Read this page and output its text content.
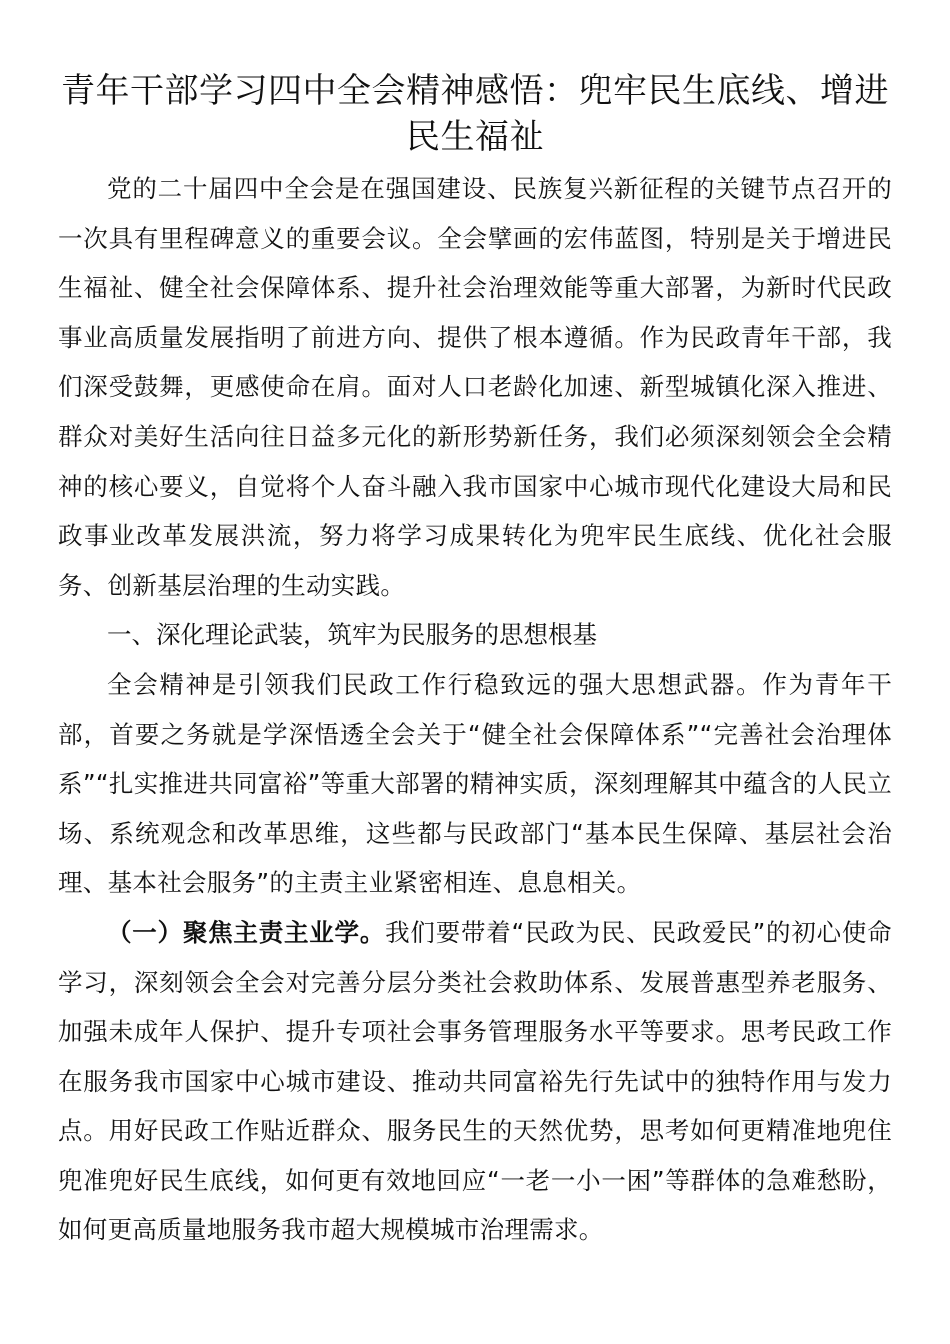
青年干部学习四中全会精神感悟：兜牢民生底线、增进民生福祉

党的二十届四中全会是在强国建设、民族复兴新征程的关键节点召开的一次具有里程碑意义的重要会议。全会擘画的宏伟蓝图，特别是关于增进民生福祉、健全社会保障体系、提升社会治理效能等重大部署，为新时代民政事业高质量发展指明了前进方向、提供了根本遵循。作为民政青年干部，我们深受鼓舞，更感使命在肩。面对人口老龄化加速、新型城镇化深入推进、群众对美好生活向往日益多元化的新形势新任务，我们必须深刻领会全会精神的核心要义，自觉将个人奋斗融入我市国家中心城市现代化建设大局和民政事业改革发展洪流，努力将学习成果转化为兜牢民生底线、优化社会服务、创新基层治理的生动实践。

一、深化理论武装，筑牢为民服务的思想根基

全会精神是引领我们民政工作行稳致远的强大思想武器。作为青年干部，首要之务就是学深悟透全会关于“健全社会保障体系”“完善社会治理体系”“扎实推进共同富裕”等重大部署的精神实质，深刻理解其中蕴含的人民立场、系统观念和改革思维，这些都与民政部门“基本民生保障、基层社会治理、基本社会服务”的主责主业紧密相连、息息相关。

（一）聚焦主责主业学。我们要带着“民政为民、民政爱民”的初心使命学习，深刻领会全会对完善分层分类社会救助体系、发展普惠型养老服务、加强未成年人保护、提升专项社会事务管理服务水平等要求。思考民政工作在服务我市国家中心城市建设、推动共同富裕先行先试中的独特作用与发力点。用好民政工作贴近群众、服务民生的天然优势，思考如何更精准地兜住兜准兜好民生底线，如何更有效地回应“一老一小一困”等群体的急难愁盼，如何更高质量地服务我市超大规模城市治理需求。
